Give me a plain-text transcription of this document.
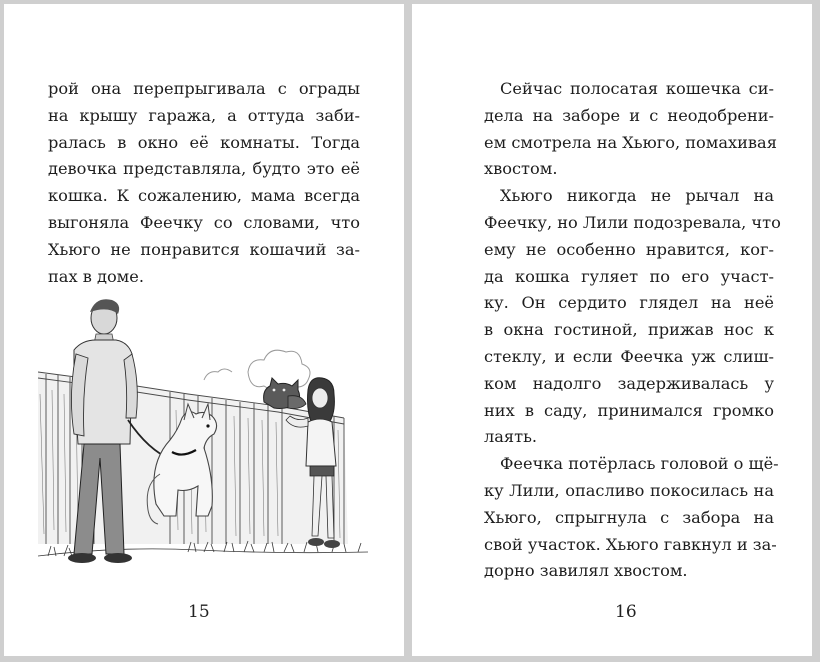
рой она перепрыгивала с ограды
на крышу гаража, а оттуда заби-
ралась в окно её комнаты. Тогда
девочка представляла, будто это её
кошка. К сожалению, мама всегда
выгоняла Феечку со словами, что
Хьюго не понравится кошачий за-
пах в доме.
15
Сейчас полосатая кошечка си-
дела на заборе и с неодобрени-
ем смотрела на Хьюго, помахивая
хвостом.
Хьюго никогда не рычал на
Феечку, но Лили подозревала, что
ему не особенно нравится, ког-
да кошка гуляет по его участ-
ку. Он сердито глядел на неё
в окна гостиной, прижав нос к
стеклу, и если Феечка уж слиш-
ком надолго задерживалась у
них в саду, принимался громко
лаять.
Феечка потёрлась головой о щё-
ку Лили, опасливо покосилась на
Хьюго, спрыгнула с забора на
свой участок. Хьюго гавкнул и за-
дорно завилял хвостом.
16
